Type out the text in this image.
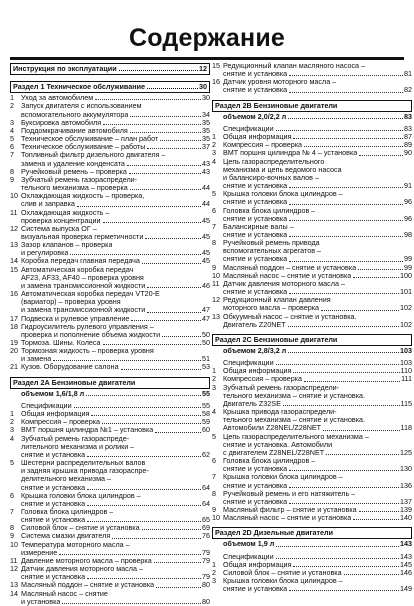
Содержание
Инструкция по эксплуатации	12
Раздел 1 Техническое обслуживание	30
1 Уход за автомобилем	30
2 Запуск двигателя с использованием
вспомогательного аккумулятора	34
3 Буксировка автомобиля	35
4 Поддомкрачивание автомобиля	35
5 Техническое обслуживание – план работ	35
6 Техническое обслуживание – работы	37
7 Топливный фильтр дизельного двигателя –
замена и удаление конденсата	43
8 Ручейковый ремень – проверка	43
9 Зубчатый ремень газораспредели-
тельного механизма – проверка	44
10 Охлаждающая жидкость – проверка,
слив и заправка	44
11 Охлаждающая жидкость –
проверка концентрации	45
12 Система выпуска ОГ –
визуальная проверка герметичности	45
13 Зазор клапанов – проверка
и регулировка	45
14 Коробка передач главная передача	45
15 Автоматическая коробка передач
AF23, AF33, AF40 – проверка уровня
и замена трансмиссионной жидкости	46
16 Автоматическая коробка передач VT20-E
(вариатор) – проверка уровня
и замена трансмиссионной жидкости	47
17 Подвеска и рулевое управление	47
18 Гидроусилитель рулевого управления –
проверка и пополнение объема жидкости	50
19 Тормоза. Шины. Колеса	50
20 Тормозная жидкость – проверка уровня
и замена	51
21 Кузов. Оборудование салона	53
Раздел 2А Бензиновые двигатели
объемом 1,6/1,8 л	55
Спецификации	55
1 Общая информация	58
2 Компрессия – проверка	59
3 ВМТ поршня цилиндра №1 – установка	60
4 Зубчатый ремень газораспреде-
лительного механизма и ролики –
снятие и установка	62
5 Шестерни распределительных валов
и задняя крышка привода газораспре-
делительного механизма –
снятие и установка	64
6 Крышка головки блока цилиндров –
снятие и установка	64
7 Головка блока цилиндров –
снятие и установка	65
8 Силовой блок – снятие и установка	69
9 Система смазки двигателя	76
10 Температура моторного масла –
измерение	79
11 Давление моторного масла – проверка	79
12 Датчик давления моторного масла –
снятие и установка	79
13 Масляный поддон – снятие и установка	80
14 Масляный насос – снятие
и установка	80
15 Редукционный клапан масляного насоса –
снятие и установка	81
16 Датчик уровня моторного масла –
снятие и установка	82
Раздел 2В Бензиновые двигатели
объемом 2,0/2,2 л	83
Спецификации	83
1 Общая информация	87
2 Компрессия – проверка	89
3 ВМТ поршня цилиндра № 4 – установка	90
4 Цепь газораспределительного
механизма и цепь ведомого насоса
и балансиро-вочных валов –
снятие и установка	91
5 Крышка головки блока цилиндров –
снятие и установка	96
6 Головка блока цилиндров –
снятие и установка	96
7 Балансирные валы –
снятие и установка	98
8 Ручейковый ремень привода
вспомогательных агрегатов –
снятие и установка	99
9 Масляный поддон – снятие и установка	99
10 Масляный насос – снятие и установка	100
11 Датчик давления моторного масла –
снятие и установка	101
12 Редукционный клапан давления
моторного масла – проверка	102
13 Обкуумный насос – снятие и установка.
Двигатель Z20NET	102
Раздел 2С Бензиновые двигатели
объемом 2,8/3,2 л	103
Спецификации	103
1 Общая информация	110
2 Компрессия – проверка	111
3 Зубчатый ремень газораспредели-
тельного механизма – снятие и установка.
Двигатель Z32SE	115
4 Крышка привода газораспредели-
тельного механизма – снятие и установка.
Автомобили Z28NEL/Z28NET	118
5 Цепь газораспределительного механизма –
снятие и установка. Автомобили
с двигателем Z28NEL/Z28NET	125
6 Головка блока цилиндров –
снятие и установка	130
7 Крышка головки блока цилиндров –
снятие и установка	136
8 Ручейковый ремень и его натяжитель –
снятие и установка	137
9 Масляный фильтр – снятие и установка	139
10 Масляный насос – снятие и установка	140
Раздел 2D Дизельные двигатели
объемом 1,9 л	143
Спецификации	143
1 Общая информация	145
2 Силовой блок – снятие и установка	146
3 Крышка головки блока цилиндров –
снятие и установка	149
